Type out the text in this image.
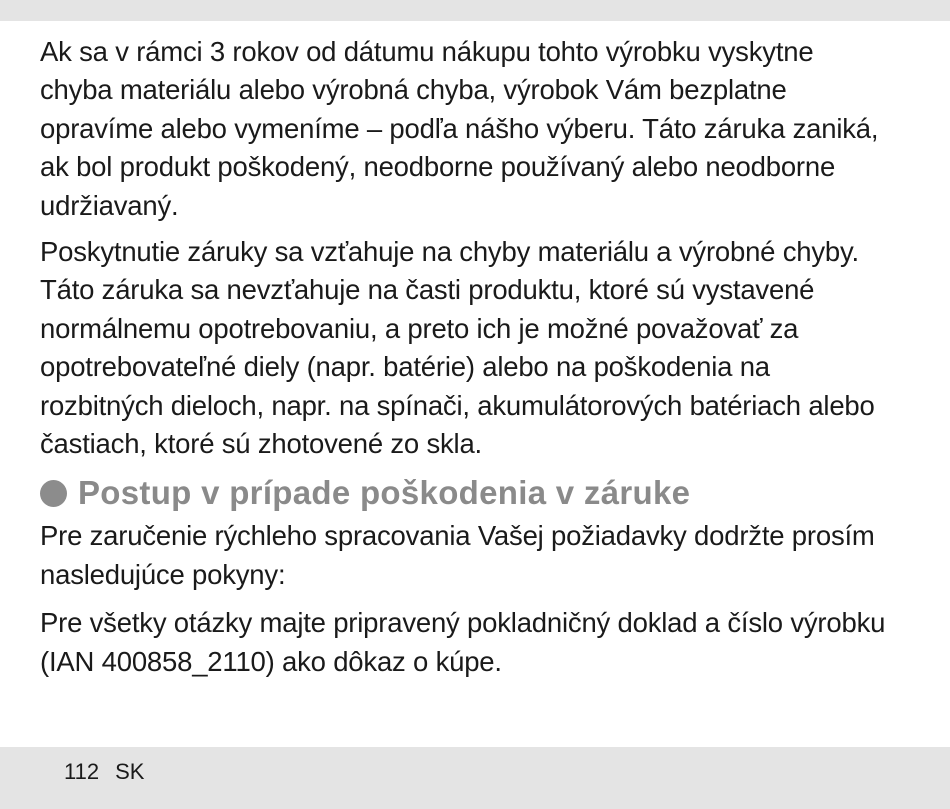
Ak sa v rámci 3 rokov od dátumu nákupu tohto výrobku vyskytne
chyba materiálu alebo výrobná chyba, výrobok Vám bezplatne
opravíme alebo vymeníme – podľa nášho výberu. Táto záruka zaniká,
ak bol produkt poškodený, neodborne používaný alebo neodborne
udržiavaný.

Poskytnutie záruky sa vzťahuje na chyby materiálu a výrobné chyby.
Táto záruka sa nevzťahuje na časti produktu, ktoré sú vystavené
normálnemu opotrebovaniu, a preto ich je možné považovať za
opotrebovateľné diely (napr. batérie) alebo na poškodenia na
rozbitných dieloch, napr. na spínači, akumulátorových batériach alebo
častiach, ktoré sú zhotovené zo skla.

Postup v prípade poškodenia v záruke

Pre zaručenie rýchleho spracovania Vašej požiadavky dodržte prosím
nasledujúce pokyny:

Pre všetky otázky majte pripravený pokladničný doklad a číslo výrobku
(IAN 400858_2110) ako dôkaz o kúpe.

112 SK
